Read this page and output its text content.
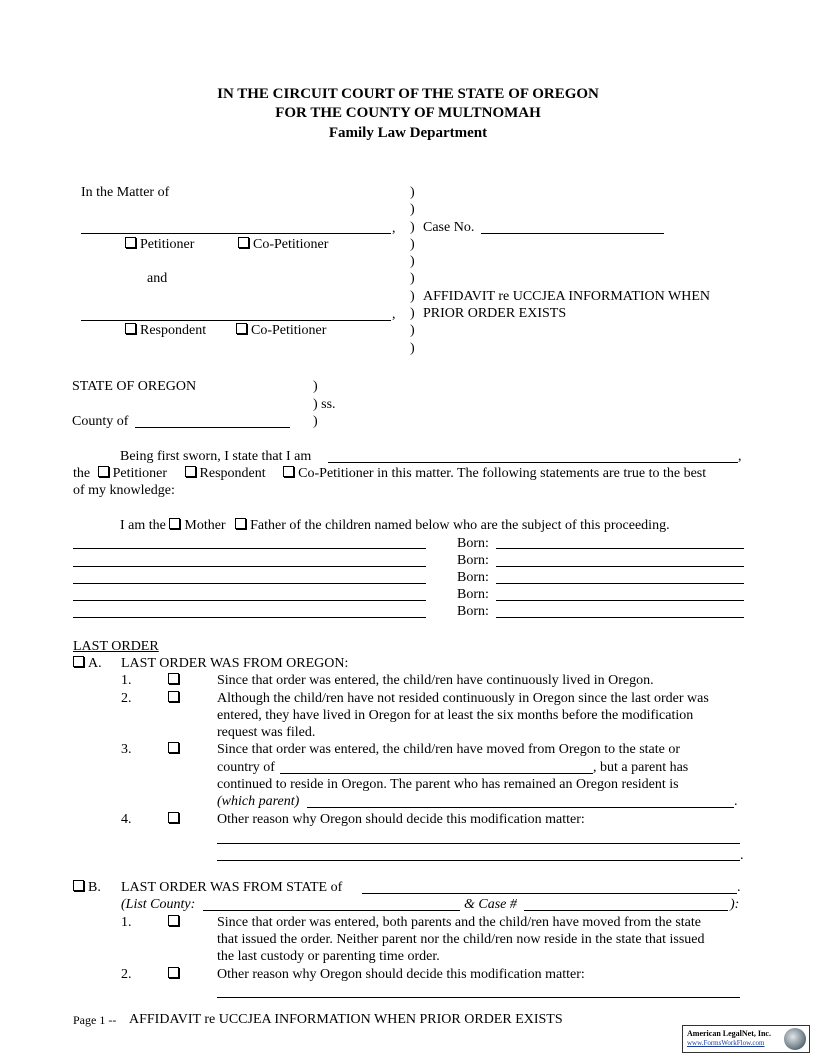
IN THE CIRCUIT COURT OF THE STATE OF OREGON
FOR THE COUNTY OF MULTNOMAH
Family Law Department
In the Matter of
,
Petitioner	Co-Petitioner
and
,
Respondent	Co-Petitioner
)
)
)
)
)
)
)
)
)
)
Case No.
AFFIDAVIT re UCCJEA INFORMATION WHEN
PRIOR ORDER EXISTS
STATE OF OREGON	)
) ss.
County of	)
Being first sworn, I state that I am	,
the Petitioner Respondent Co-Petitioner in this matter. The following statements are true to the best
of my knowledge:
I am the Mother Father of the children named below who are the subject of this proceeding.
Born:
Born:
Born:
Born:
Born:
LAST ORDER
A. LAST ORDER WAS FROM OREGON:
1.	Since that order was entered, the child/ren have continuously lived in Oregon.
2.	Although the child/ren have not resided continuously in Oregon since the last order was
entered, they have lived in Oregon for at least the six months before the modification
request was filed.
3.	Since that order was entered, the child/ren have moved from Oregon to the state or
country of	, but a parent has
continued to reside in Oregon. The parent who has remained an Oregon resident is
(which parent)	.
4.	Other reason why Oregon should decide this modification matter:
.
B. LAST ORDER WAS FROM STATE of	.
(List County:	& Case #	):
1.	Since that order was entered, both parents and the child/ren have moved from the state
that issued the order. Neither parent nor the child/ren now reside in the state that issued
the last custody or parenting time order.
2.	Other reason why Oregon should decide this modification matter:
Page 1 -- AFFIDAVIT re UCCJEA INFORMATION WHEN PRIOR ORDER EXISTS
American LegalNet, Inc.
www.FormsWorkFlow.com
